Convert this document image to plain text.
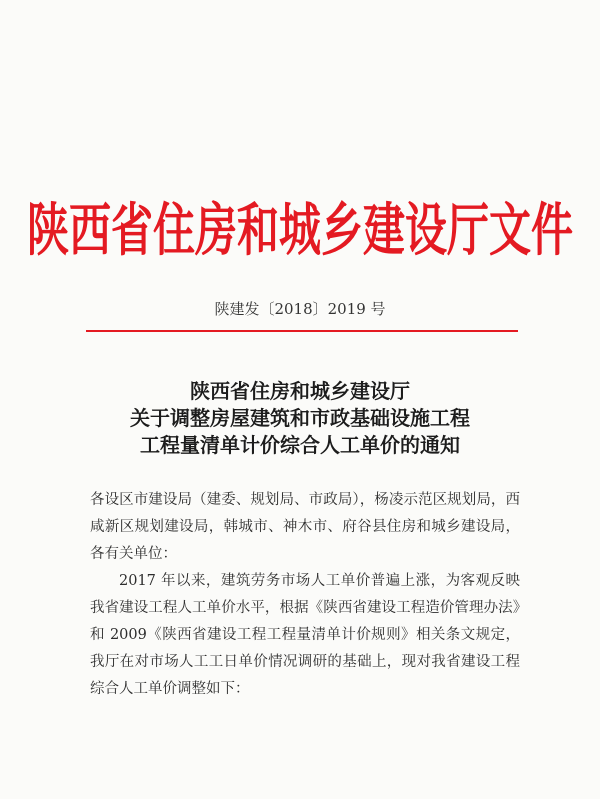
陕西省住房和城乡建设厅文件
陕建发〔2018〕2019 号
陕西省住房和城乡建设厅
关于调整房屋建筑和市政基础设施工程
工程量清单计价综合人工单价的通知

各设区市建设局（建委、规划局、市政局），杨凌示范区规划局，西咸新区规划建设局，韩城市、神木市、府谷县住房和城乡建设局，各有关单位：

2017 年以来，建筑劳务市场人工单价普遍上涨，为客观反映我省建设工程人工单价水平，根据《陕西省建设工程造价管理办法》和 2009《陕西省建设工程工程量清单计价规则》相关条文规定，我厅在对市场人工工日单价情况调研的基础上，现对我省建设工程综合人工单价调整如下：
